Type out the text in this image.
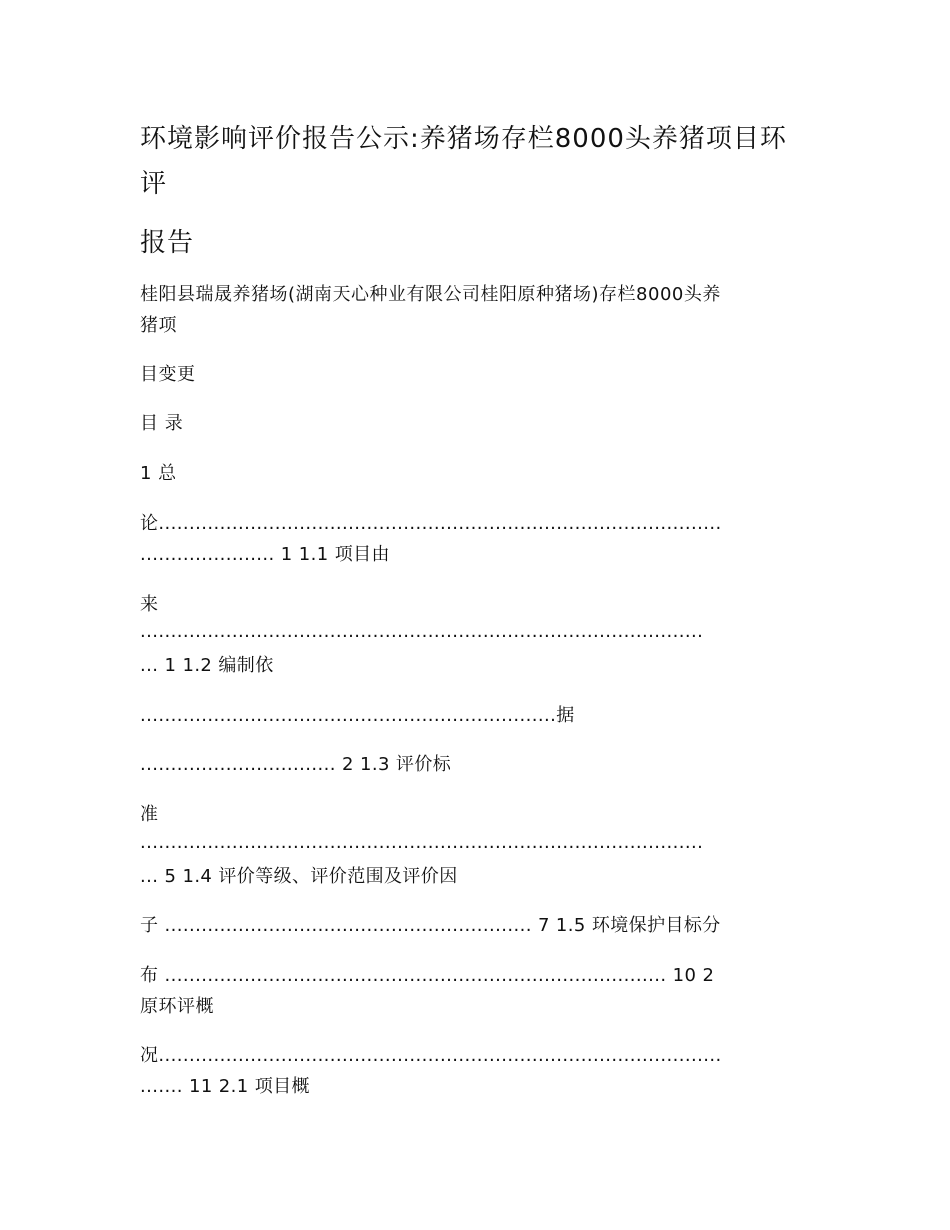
环境影响评价报告公示:养猪场存栏8000头养猪项目环
评
报告
桂阳县瑞晟养猪场(湖南天心种业有限公司桂阳原种猪场)存栏8000头养
猪项
目变更
目 录
1 总
论............................................................................................
...................... 1 1.1 项目由
来
............................................................................................
... 1 1.2 编制依
....................................................................据
................................ 2 1.3 评价标
准
............................................................................................
... 5 1.4 评价等级、评价范围及评价因
子 ............................................................ 7 1.5 环境保护目标分
布 .................................................................................. 10 2
原环评概
况............................................................................................
....... 11 2.1 项目概
